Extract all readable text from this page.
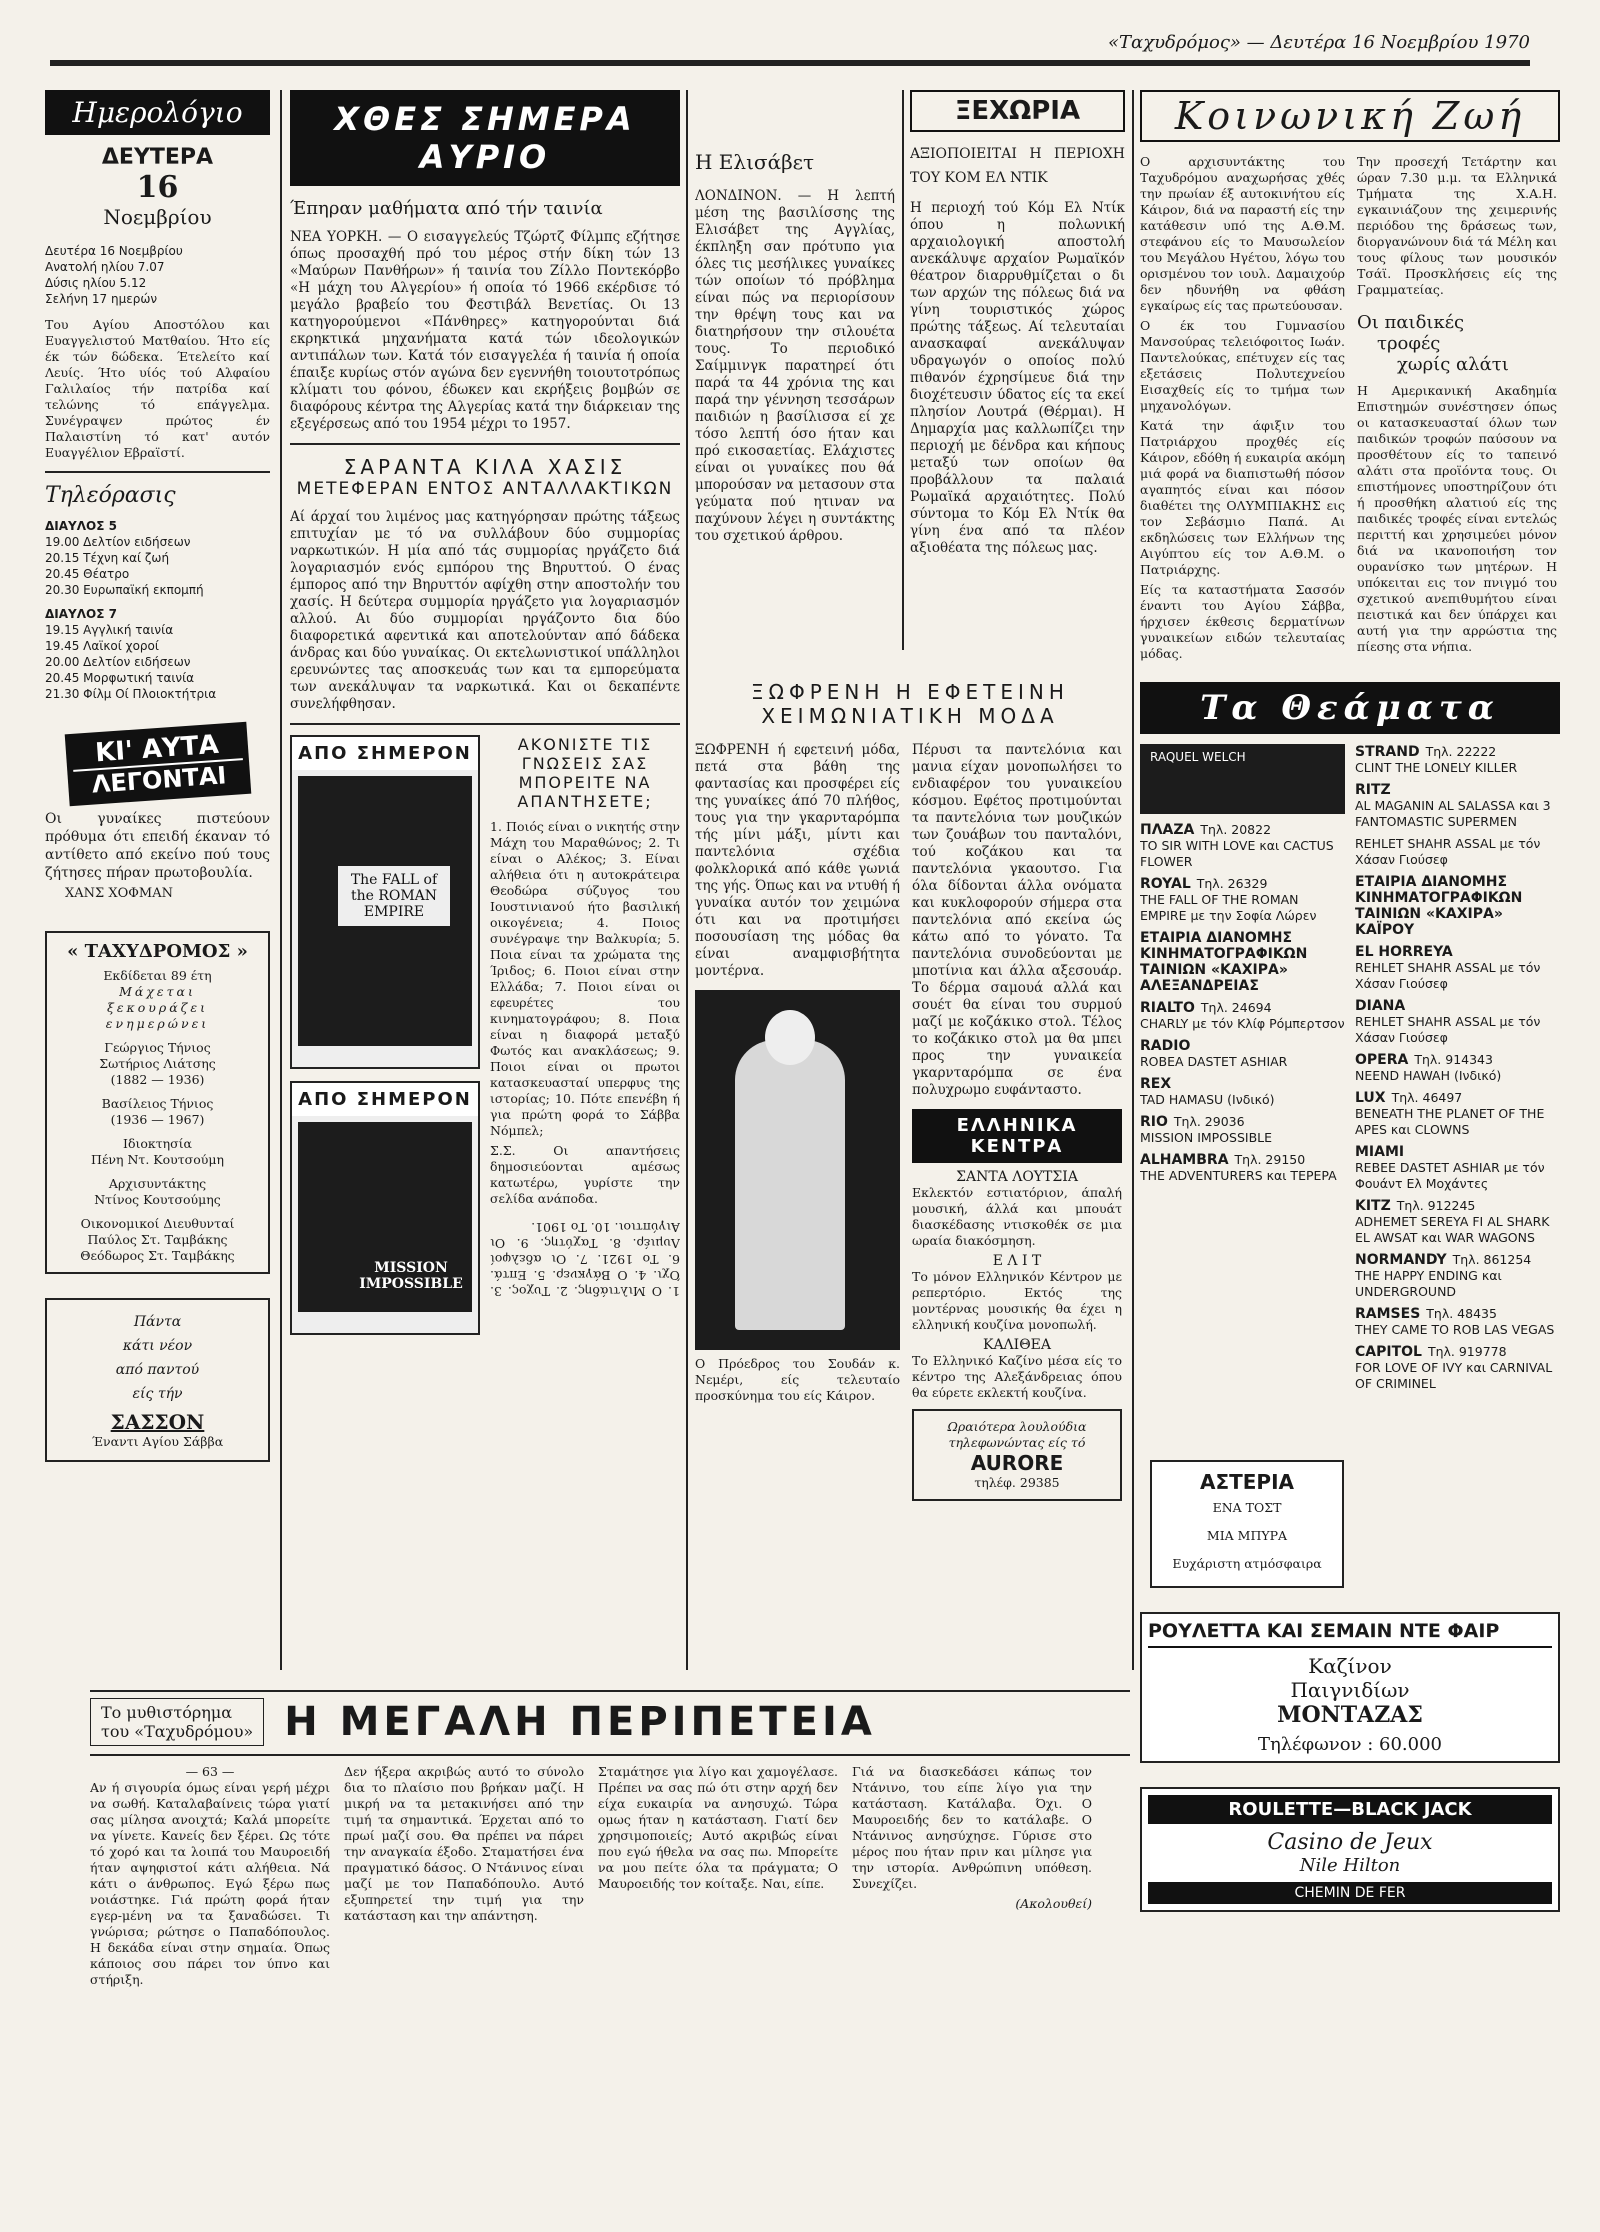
«Ταχυδρόμος» — Δευτέρα 16 Νοεμβρίου 1970
Ημερολόγιο
ΔΕΥΤΕΡΑ
16
Νοεμβρίου
Δευτέρα 16 Νοεμβρίου
Ανατολή ηλίου 7.07
Δύσις ηλίου 5.12
Σελήνη 17 ημερών

Του Αγίου Αποστόλου και Ευαγγελιστού Ματθαίου. Ήτο είς έκ τών δώδεκα. Έτελείτο καί Λευίς. Ήτο υίός τού Αλφαίου Γαλιλαίος τήν πατρίδα καί τελώνης τό επάγγελμα. Συνέγραψεν πρώτος έν Παλαιστίνη τό κατ' αυτόν Ευαγγέλιον Εβραϊστί.

Τηλεόρασις
ΔΙΑΥΛΟΣ 5
19.00 Δελτίον ειδήσεων
20.15 Τέχνη καί ζωή
20.45 Θέατρο
20.30 Ευρωπαϊκή εκπομπή
ΔΙΑΥΛΟΣ 7
19.15 Αγγλική ταινία
19.45 Λαϊκοί χοροί
20.00 Δελτίον ειδήσεων
20.45 Μορφωτική ταινία
21.30 Φίλμ Οί Πλοιοκτήτρια
ΚΙ' ΑΥΤΑ
ΛΕΓΟΝΤΑΙ

Οι γυναίκες πιστεύουν πρόθυμα ότι επειδή έκαναν τό αντίθετο από εκείνο πού τους ζήτησες πήραν πρωτοβουλία.

ΧΑΝΣ ΧΟΦΜΑΝ
« ΤΑΧΥΔΡΟΜΟΣ »
Εκδίδεται 89 έτη
Μάχεται
ξεκουράζει
ενημερώνει
Γεώργιος Τήνιος
Σωτήριος Λιάτσης
(1882 — 1936)
Βασίλειος Τήνιος
(1936 — 1967)
Ιδιοκτησία
Πένη Ντ. Κουτσούμη
Αρχισυντάκτης
Ντίνος Κουτσούμης
Οικονομικοί Διευθυνταί
Παύλος Στ. Ταμβάκης
Θεόδωρος Στ. Ταμβάκης
Πάντα
κάτι νέον
από παντού
είς τήν
ΣΑΣΣΟΝ
Έναντι Αγίου Σάββα
ΧΘΕΣ ΣΗΜΕΡΑ ΑΥΡΙΟ
Έπηραν μαθήματα από τήν ταινία

ΝΕΑ ΥΟΡΚΗ. — Ο εισαγγελεύς Τζώρτζ Φίλμπς εζήτησε όπως προσαχθή πρό του μέρος στήν δίκη τών 13 «Μαύρων Πανθήρων» ή ταινία του Ζίλλο Ποντεκόρβο «Η μάχη του Αλγερίου» ή οποία τό 1966 εκέρδισε τό μεγάλο βραβείο του Φεστιβάλ Βενετίας. Οι 13 κατηγορούμενοι «Πάνθηρες» κατηγορούνται διά εκρηκτικά μηχανήματα κατά τών ιδεολογικών αντιπάλων των. Κατά τόν εισαγγελέα ή ταινία ή οποία έπαιξε κυρίως στόν αγώνα δεν εγεννήθη τοιουτοτρόπως κλίματι του φόνου, έδωκεν και εκρήξεις βομβών σε διαφόρους κέντρα της Αλγερίας κατά την διάρκειαν της εξεγέρσεως από του 1954 μέχρι το 1957.

ΣΑΡΑΝΤΑ ΚΙΛΑ ΧΑΣΙΣ
ΜΕΤΕΦΕΡΑΝ ΕΝΤΟΣ ΑΝΤΑΛΛΑΚΤΙΚΩΝ

Αί άρχαί του λιμένος μας κατηγόρησαν πρώτης τάξεως επιτυχίαν με τό να συλλάβουν δύο συμμορίας ναρκωτικών. Η μία από τάς συμμορίας ηργάζετο διά λογαριασμόν ενός εμπόρου της Βηρυττού. Ο ένας έμπορος από την Βηρυττόν αφίχθη στην αποστολήν του χασίς. Η δεύτερα συμμορία ηργάζετο για λογαριασμόν αλλού. Αι δύο συμμορίαι ηργάζοντο δια δύο διαφορετικά αφεντικά και αποτελούνταν από δάδεκα άνδρας και δύο γυναίκας. Οι εκτελωνιστικοί υπάλληλοι ερευνώντες τας αποσκευάς των και τα εμπορεύματα των ανεκάλυψαν τα ναρκωτικά. Και οι δεκαπέντε συνελήφθησαν.

ΑΠΟ ΣΗΜΕΡΟΝ
The FALL of the ROMAN EMPIRE
ΑΠΟ ΣΗΜΕΡΟΝ
MISSION IMPOSSIBLE
ΑΚΟΝΙΣΤΕ ΤΙΣ ΓΝΩΣΕΙΣ ΣΑΣ ΜΠΟΡΕΙΤΕ ΝΑ ΑΠΑΝΤΗΣΕΤΕ;

1. Ποιός είναι ο νικητής στην Μάχη του Μαραθώνος; 2. Τι είναι ο Αλέκος; 3. Είναι αλήθεια ότι η αυτοκράτειρα Θεοδώρα σύζυγος του Ιουστινιανού ήτο βασιλική οικογένεια; 4. Ποιος συνέγραψε την Βαλκυρία; 5. Ποια είναι τα χρώματα της Ίριδος; 6. Ποιοι είναι στην Ελλάδα; 7. Ποιοι είναι οι εφευρέτες του κινηματογράφου; 8. Ποια είναι η διαφορά μεταξύ Φωτός και ανακλάσεως; 9. Ποιοι είναι οι πρωτοι κατασκευασταί υπερφυς της ιστορίας; 10. Πότε επενέβη ή για πρώτη φορά το Σάββα Νόμπελ;

Σ.Σ. Οι απαντήσεις δημοσιεύονται αμέσως κατωτέρω, γυρίστε την σελίδα ανάποδα.

1. Ο Μιλτιάδης. 2. Τυχος. 3. Όχι. 4. Ο Βάγκνερ. 5. Επτά. 6. Το 1921. 7. Οι αδελφοί Λυμιέρ. 8. Ταχύτης. 9. Οι Αιγύπτιοι. 10. Το 1901.

Η Ελισάβετ

ΛΟΝΔΙΝΟΝ. — Η λεπτή μέση της βασιλίσσης της Ελισάβετ της Αγγλίας, έκπληξη σαν πρότυπο για όλες τις μεσήλικες γυναίκες τών οποίων τό πρόβλημα είναι πώς να περιορίσουν την θρέψη τους και να διατηρήσουν την σιλουέτα τους. Το περιοδικό Σαίμμινγκ παρατηρεί ότι παρά τα 44 χρόνια της και παρά την γέννηση τεσσάρων παιδιών η βασίλισσα εί χε τόσο λεπτή όσο ήταν και πρό εικοσαετίας. Ελάχιστες είναι οι γυναίκες που θά μπορούσαν να μετασουν στα γεύματα πού ητιναν να παχύνουν λέγει η συντάκτης του σχετικού άρθρου.

ΞΕΧΩΡΙΑ

ΑΞΙΟΠΟΙΕΙΤΑΙ Η ΠΕΡΙΟΧΗ ΤΟΥ ΚΟΜ ΕΛ ΝΤΙΚ

Η περιοχή τού Κόμ Ελ Ντίκ όπου η πολωνική αρχαιολογική αποστολή ανεκάλυψε αρχαίον Ρωμαϊκόν θέατρον διαρρυθμίζεται ο δι των αρχών της πόλεως διά να γίνη τουριστικός χώρος πρώτης τάξεως. Αί τελευταίαι ανασκαφαί ανεκάλυψαν υδραγωγόν ο οποίος πολύ πιθανόν έχρησίμευε διά την διοχέτευσιν ύδατος είς τα εκεί πλησίον Λουτρά (Θέρμαι). Η Δημαρχία μας καλλωπίζει την περιοχή με δένδρα και κήπους μεταξύ των οποίων θα προβάλλουν τα παλαιά Ρωμαϊκά αρχαιότητες. Πολύ σύντομα το Κόμ Ελ Ντίκ θα γίνη ένα από τα πλέον αξιοθέατα της πόλεως μας.

ΞΩΦΡΕΝΗ Η ΕΦΕΤΕΙΝΗ ΧΕΙΜΩΝΙΑΤΙΚΗ ΜΟΔΑ

ΞΩΦΡΕΝΗ ή εφετεινή μόδα, πετά στα βάθη της φαντασίας και προσφέρει είς της γυναίκες άπό 70 πλήθος, τους για την γκαρνταρόμπα τής μίνι μάξι, μίντι και παντελόνια σχέδια φολκλορικά από κάθε γωνιά της γής. Όπως και να ντυθή ή γυναίκα αυτόν τον χειμώνα ότι και να προτιμήσει ποσουσίαση της μόδας θα είναι αναμφισβήτητα μοντέρνα.

Ο Πρόεδρος του Σουδάν κ. Νεμέρι, είς τελευταίο προσκύνημα του είς Κάιρον.

Πέρυσι τα παντελόνια και μανια είχαν μονοπωλήσει το ενδιαφέρον του γυναικείου κόσμου. Εφέτος προτιμούνται τα παντελόνια των μουζικών των ζουάβων του πανταλόνι, τού κοζάκου και τα παντελόνια γκαουτσο. Για όλα δίδονται άλλα ονόματα και κυκλοφορούν σήμερα στα παντελόνια από εκείνα ώς κάτω από το γόνατο. Τα παντελόνια συνοδεύονται με μποτίνια και άλλα αξεσουάρ. Το δέρμα σαμουά αλλά και σουέτ θα είναι του συρμού μαζί με κοζάκικο στολ. Τέλος το κοζάκικο στολ μα θα μπει προς την γυναικεία γκαρνταρόμπα σε ένα πολυχρωμο ευφάνταστο.

ΕΛΛΗΝΙΚΑ ΚΕΝΤΡΑ
ΣΑΝΤΑ ΛΟΥΤΣΙΑ

Εκλεκτόν εστιατόριον, άπαλή μουσική, άλλά και μπουάτ διασκέδασης ντισκοθέκ σε μια ωραία διακόσμηση.

Ε Λ Ι Τ

Το μόνον Ελληνικόν Κέντρον με ρεπερτόριο. Εκτός της μοντέρνας μουσικής θα έχει η ελληνική κουζίνα μονοπωλή.

ΚΑΛΙΘΕΑ

Το Ελληνικό Καζίνο μέσα είς το κέντρο της Αλεξάνδρειας όπου θα εύρετε εκλεκτή κουζίνα.

Ωραιότερα λουλούδια τηλεφωνώντας είς τό
AURORE
τηλέφ. 29385
Κοινωνική Ζωή

Ο αρχισυντάκτης του Ταχυδρόμου αναχωρήσας χθές την πρωίαν έξ αυτοκινήτου είς Κάιρον, διά να παραστή είς την κατάθεσιν υπό της Α.Θ.Μ. στεφάνου είς το Μαυσωλείον του Μεγάλου Ηγέτου, λόγω του ορισμένου τον ιουλ. Δαμαιχούρ δεν ηδυνήθη να φθάση εγκαίρως είς τας πρωτεύουσαν.

Ο έκ του Γυμνασίου Μανσούρας τελειόφοιτος Ιωάν. Παντελούκας, επέτυχεν είς τας εξετάσεις Πολυτεχνείου Εισαχθείς είς το τμήμα των μηχανολόγων.

Κατά την άφιξιν του Πατριάρχου προχθές είς Κάιρον, εδόθη ή ευκαιρία ακόμη μιά φορά να διαπιστωθή πόσον αγαπητός είναι και πόσον διαθέτει της ΟΛΥΜΠΙΑΚΗΣ εις τον Σεβάσμιο Παπά. Αι εκδηλώσεις των Ελλήνων της Αιγύπτου είς τον Α.Θ.Μ. ο Πατριάρχης.

Είς τα καταστήματα Σασσόν έναντι του Αγίου Σάββα, ήρχισεν έκθεσις δερματίνων γυναικείων ειδών τελευταίας μόδας.

Την προσεχή Τετάρτην και ώραν 7.30 μ.μ. τα Ελληνικά Τμήματα της Χ.Α.Η. εγκαινιάζουν της χειμερινής περιόδου της δράσεως των, διοργανώνουν διά τά Μέλη και τους φίλους των μουσικόν Τσάϊ. Προσκλήσεις είς της Γραμματείας.

Οι παιδικές
τροφές
χωρίς αλάτι

Η Αμερικανική Ακαδημία Επιστημών συνέστησεν όπως οι κατασκευασταί όλων των παιδικών τροφών παύσουν να προσθέτουν είς το ταπεινό αλάτι στα προϊόντα τους. Οι επιστήμονες υποστηρίζουν ότι ή προσθήκη αλατιού είς της παιδικές τροφές είναι εντελώς περιττή και χρησιμεύει μόνον διά να ικανοποιήση τον ουρανίσκο των μητέρων. Η υπόκειται εις τον πνιγμό του σχετικού ανεπιθυμήτου είναι πειστικά και δεν ύπάρχει και αυτή για την αρρώστια της πίεσης στα νήπια.

Τα Θεάματα
RAQUEL WELCH
ΠΛΑΖΑ Τηλ. 20822
TO SIR WITH LOVE και CACTUS FLOWER
ROYAL Τηλ. 26329
THE FALL OF THE ROMAN EMPIRE με την Σοφία Λώρεν
ΕΤΑΙΡΙΑ ΔΙΑΝΟΜΗΣ ΚΙΝΗΜΑΤΟΓΡΑΦΙΚΩΝ ΤΑΙΝΙΩΝ «ΚΑΧΙΡΑ» ΑΛΕΞΑΝΔΡΕΙΑΣ
RIALTO Τηλ. 24694
CHARLY με τόν Κλίφ Ρόμπερτσον
RADIO
ROBEA DASTET ASHIAR
REX
TAD HAMASU (Ινδικό)
RIO Τηλ. 29036
MISSION IMPOSSIBLE
ALHAMBRA Τηλ. 29150
THE ADVENTURERS και TEPEPA
STRAND Τηλ. 22222
CLINT THE LONELY KILLER
RITZ
AL MAGANIN AL SALASSA και 3 FANTOMASTIC SUPERMEN
REHLET SHAHR ASSAL με τόν Χάσαν Γιούσεφ
ΕΤΑΙΡΙΑ ΔΙΑΝΟΜΗΣ ΚΙΝΗΜΑΤΟΓΡΑΦΙΚΩΝ ΤΑΙΝΙΩΝ «ΚΑΧΙΡΑ» ΚΑΪΡΟΥ
EL HORREYA
REHLET SHAHR ASSAL με τόν Χάσαν Γιούσεφ
DIANA
REHLET SHAHR ASSAL με τόν Χάσαν Γιούσεφ
OPERA Τηλ. 914343
NEEND HAWAH (Ινδικό)
LUX Τηλ. 46497
BENEATH THE PLANET OF THE APES και CLOWNS
MIAMI
REBEE DASTET ASHIAR με τόν Φουάντ Ελ Μοχάντες
KITZ Τηλ. 912245
ADHEMET SEREYA FI AL SHARK EL AWSAT και WAR WAGONS
NORMANDY Τηλ. 861254
THE HAPPY ENDING και UNDERGROUND
RAMSES Τηλ. 48435
THEY CAME TO ROB LAS VEGAS
CAPITOL Τηλ. 919778
FOR LOVE OF IVY και CARNIVAL OF CRIMINEL
Το μυθιστόρημα
του «Ταχυδρόμου» Η ΜΕΓΑΛΗ ΠΕΡΙΠΕΤΕΙΑ
— 63 —

Αν ή σιγουρία όμως είναι γερή μέχρι να σωθή. Καταλαβαίνεις τώρα γιατί σας μίλησα ανοιχτά; Καλά μπορείτε να γίνετε. Κανείς δεν ξέρει. Ως τότε τό χορό και τα λοιπά του Μαυροειδή ήταν αψηφιστοί κάτι αλήθεια. Νά κάτι ο άνθρωπος. Εγώ ξέρω πως νοιάστηκε. Γιά πρώτη φορά ήταν εγερ-μένη να τα ξαναδώσει. Τι γνώρισα; ρώτησε ο Παπαδόπουλος. Η δεκάδα είναι στην σημαία. Όπως κάποιος σου πάρει τον ύπνο και στήριξη.

Δεν ήξερα ακριβώς αυτό το σύνολο δια το πλαίσιο που βρήκαν μαζί. Η μικρή να τα μετακινήσει από την τιμή τα σημαντικά. Έρχεται από το πρωί μαζί σου. Θα πρέπει να πάρει την αναγκαία έξοδο. Σταματήσει ένα πραγματικό δάσος. Ο Ντάνινος είναι μαζί με τον Παπαδόπουλο. Αυτό εξυπηρετεί την τιμή για την κατάσταση και την απάντηση.

Σταμάτησε για λίγο και χαμογέλασε. Πρέπει να σας πώ ότι στην αρχή δεν είχα ευκαιρία να ανησυχώ. Τώρα ομως ήταν η κατάσταση. Γιατί δεν χρησιμοποιείς; Αυτό ακριβώς είναι που εγώ ήθελα να σας πω. Μπορείτε να μου πείτε όλα τα πράγματα; Ο Μαυροειδής τον κοίταξε. Ναι, είπε.

Γιά να διασκεδάσει κάπως τον Ντάνινο, του είπε λίγο για την κατάσταση. Κατάλαβα. Όχι. Ο Μαυροειδής δεν το κατάλαβε. Ο Ντάνινος ανησύχησε. Γύρισε στο μέρος που ήταν πριν και μίλησε για την ιστορία. Ανθρώπινη υπόθεση. Συνεχίζει.

(Ακολουθεί)
ΑΣΤΕΡΙΑ
ΕΝΑ ΤΟΣΤ
ΜΙΑ ΜΠΥΡΑ
Ευχάριστη ατμόσφαιρα
ΡΟΥΛΕΤΤΑ ΚΑΙ ΣΕΜΑΙΝ ΝΤΕ ΦΑΙΡ
Καζίνον
Παιγνιδίων
ΜΟΝΤΑΖΑΣ
Τηλέφωνον : 60.000
ROULETTE—BLACK JACK
Casino de Jeux
Nile Hilton
CHEMIN DE FER
